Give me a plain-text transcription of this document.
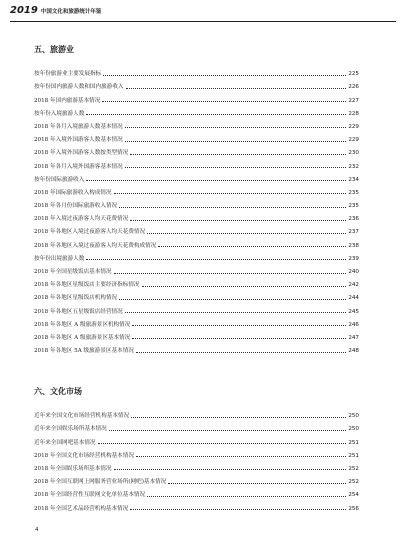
2019 中国文化和旅游统计年鉴
五、旅游业
按年份旅游业主要发展指标	225
按年份国内旅游人数和国内旅游收入	226
2018 年国内旅游基本情况	227
按年份入境旅游人数	228
2018 年各月入境旅游人数基本情况	229
2018 年入境外国游客人数基本情况	229
2018 年入境外国游客人数按类型情况	230
2018 年各月入境外国游客基本情况	232
按年份国际旅游收入	234
2018 年国际旅游收入构成情况	235
2018 年各月份国际旅游收入情况	235
2018 年入境过夜游客人均天花费情况	236
2018 年各地区入境过夜游客人均天花费情况	237
2018 年各地区入境过夜游客人均天花费构成情况	238
按年份出境旅游人数	239
2018 年全国星级饭店基本情况	240
2018 年各地区星级饭店主要经济指标情况	242
2018 年各地区星级饭店机构情况	244
2018 年各地区五星级饭店经营情况	245
2018 年各地区 A 级旅游景区机构情况	246
2018 年各地区 A 级旅游景区基本情况	247
2018 年各地区 5A 级旅游景区基本情况	248
六、文化市场
近年来全国文化市场经营机构基本情况	250
近年来全国娱乐场所基本情况	250
近年来全国网吧基本情况	251
2018 年全国文化市场经营机构基本情况	251
2018 年全国娱乐场所基本情况	252
2018 年全国互联网上网服务营业场所(网吧)基本情况	252
2018 年全国经营性互联网文化单位基本情况	254
2018 年全国艺术品经营机构基本情况	256
4
